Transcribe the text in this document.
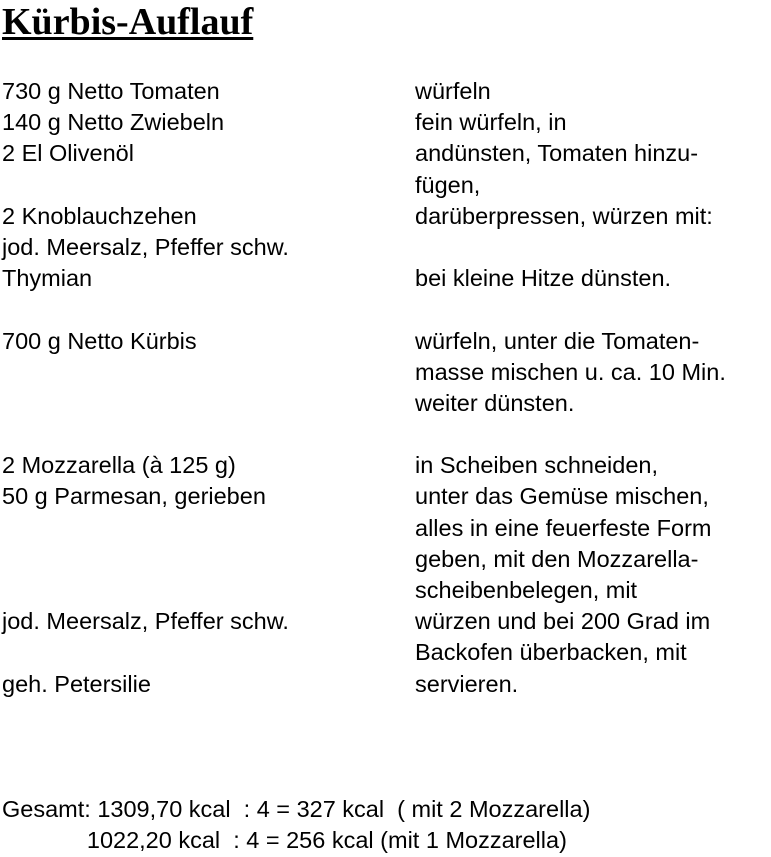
Kürbis-Auflauf
730 g Netto Tomaten	würfeln
140 g Netto Zwiebeln	fein würfeln, in
2 El Olivenöl	andünsten, Tomaten hinzu-
fügen,
2 Knoblauchzehen	darüberpressen, würzen mit:
jod. Meersalz, Pfeffer schw.
Thymian	bei kleine Hitze dünsten.
700 g Netto Kürbis	würfeln, unter die Tomaten-
masse mischen u. ca. 10 Min.
weiter dünsten.
2 Mozzarella (à 125 g)	in Scheiben schneiden,
50 g Parmesan, gerieben	unter das Gemüse mischen,
alles in eine feuerfeste Form
geben, mit den Mozzarella-
scheibenbelegen, mit
jod. Meersalz, Pfeffer schw.	würzen und bei 200 Grad im
Backofen überbacken, mit
geh. Petersilie	servieren.
Gesamt: 1309,70 kcal  : 4 = 327 kcal  ( mit 2 Mozzarella)
1022,20 kcal  : 4 = 256 kcal (mit 1 Mozzarella)
